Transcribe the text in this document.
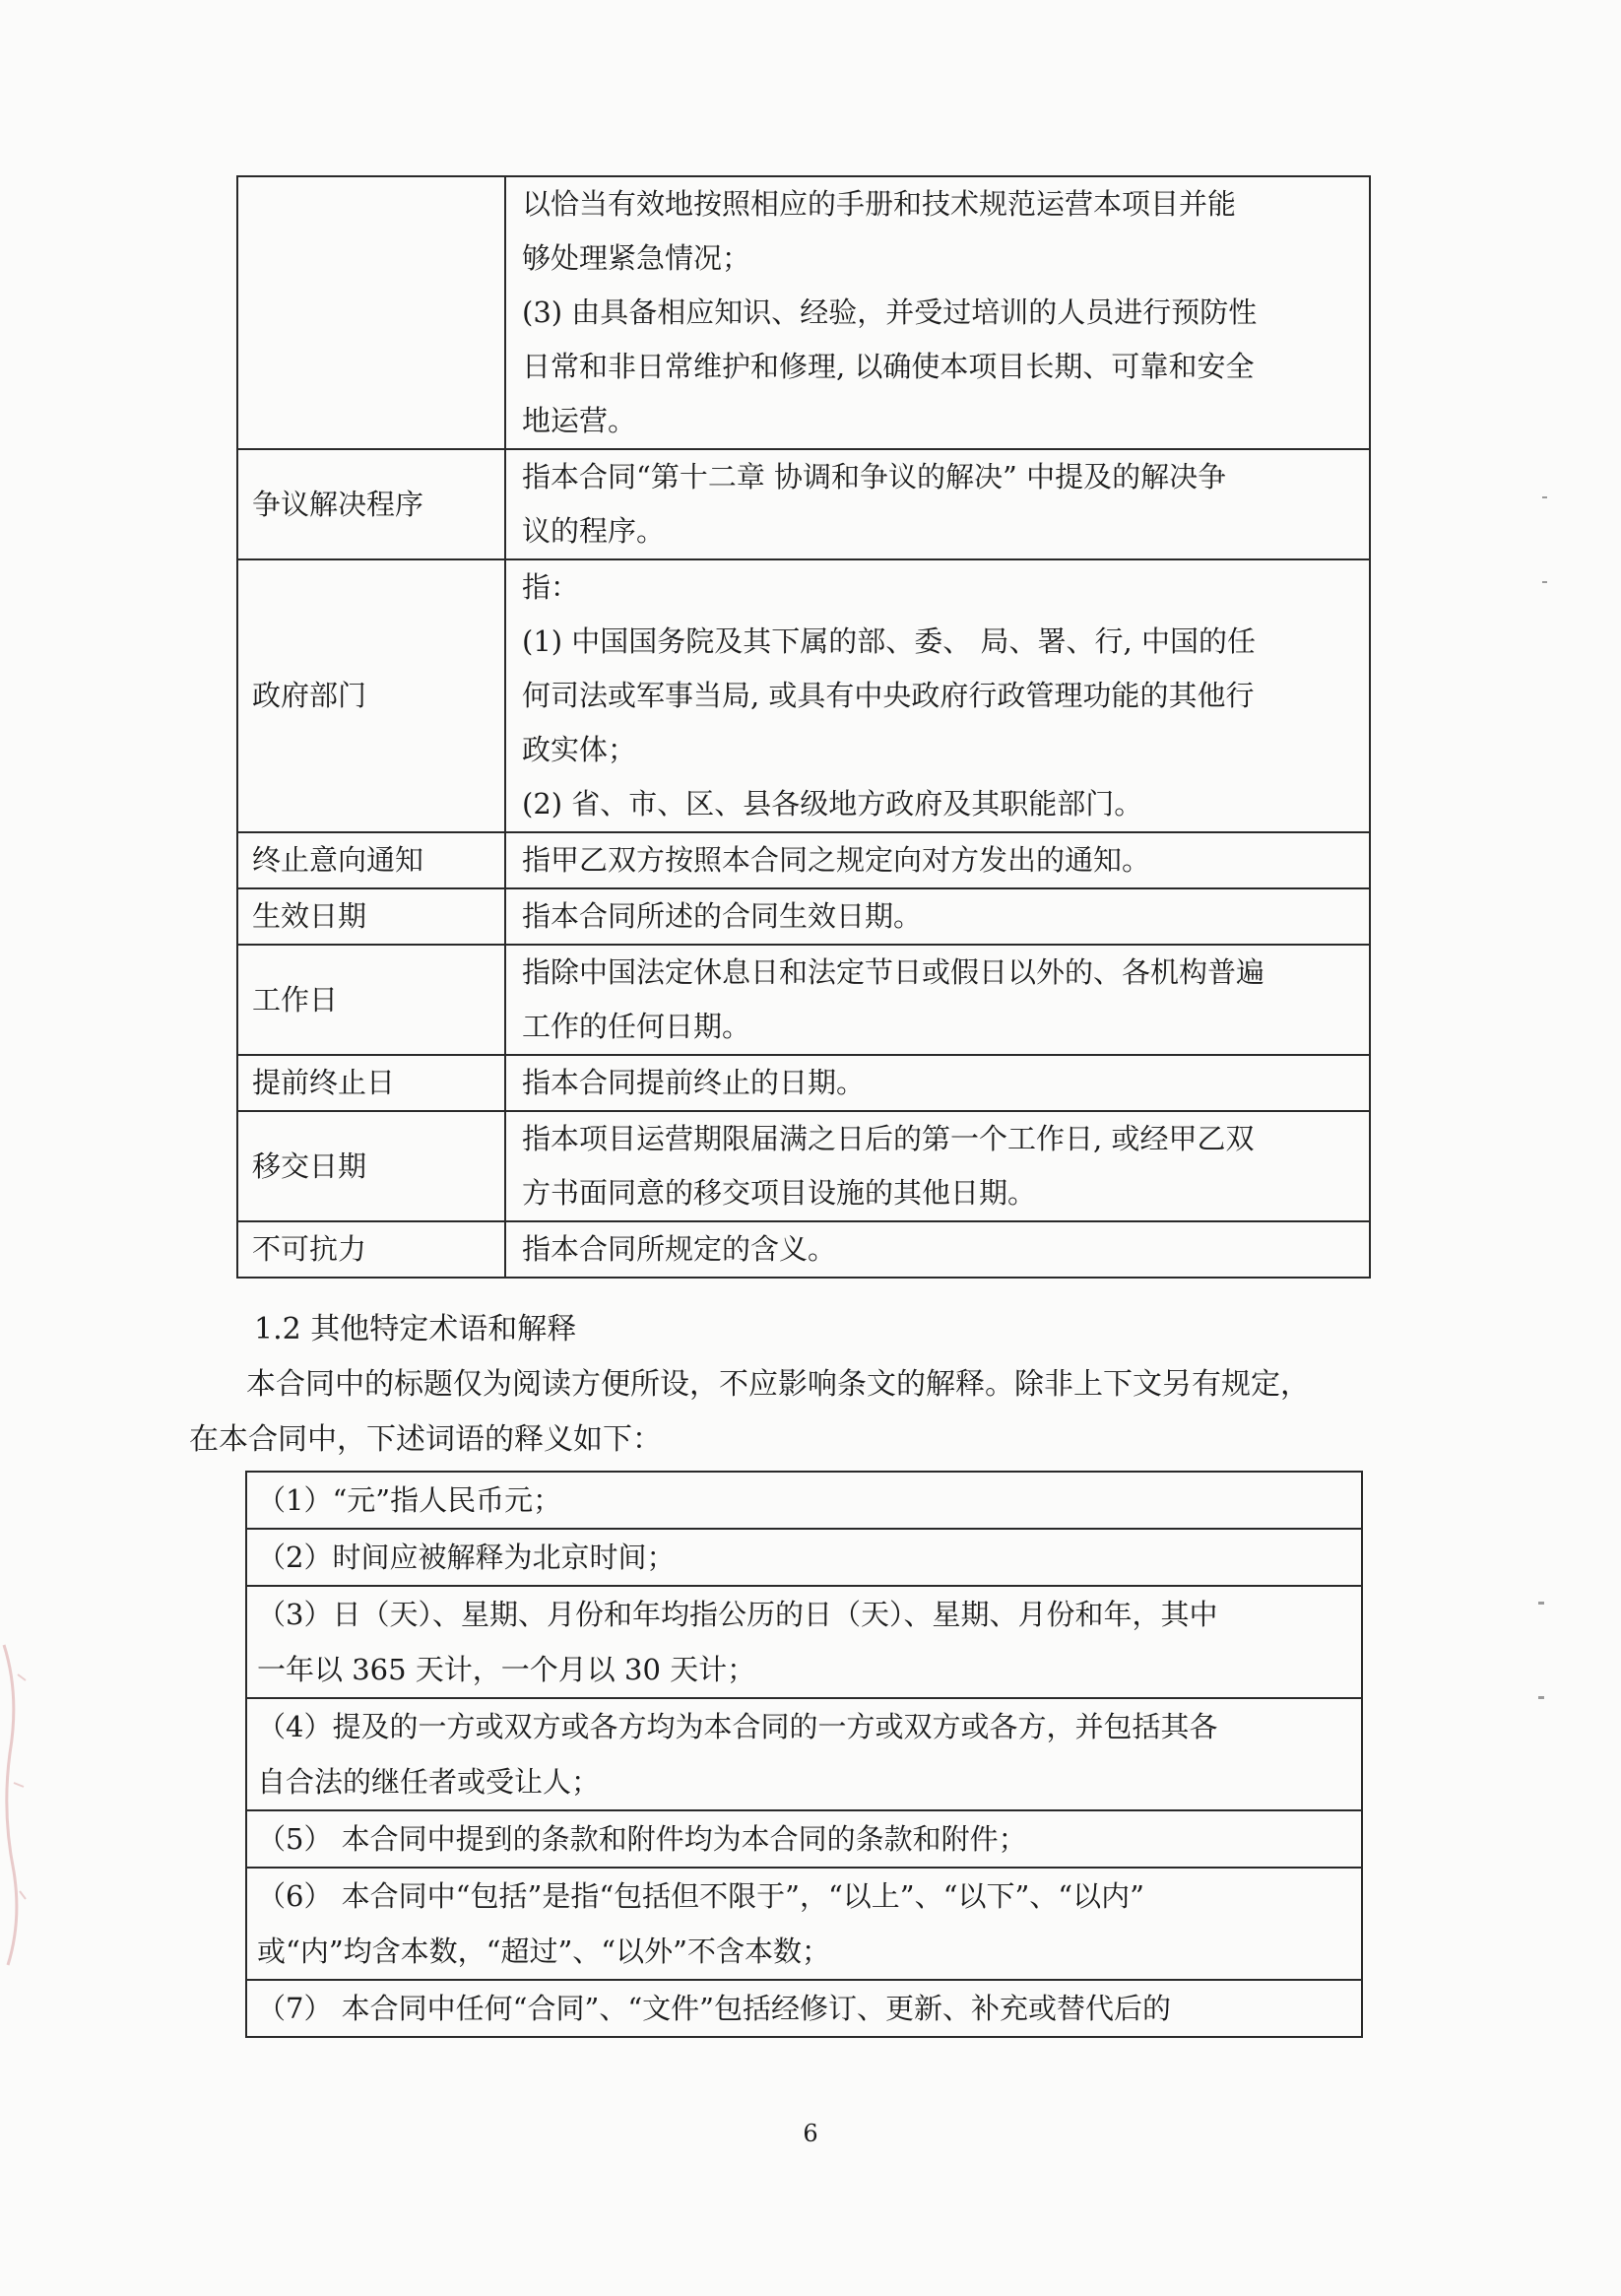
	以恰当有效地按照相应的手册和技术规范运营本项目并能
够处理紧急情况；
(3) 由具备相应知识、经验，并受过培训的人员进行预防性
日常和非日常维护和修理, 以确使本项目长期、可靠和安全
地运营。

争议解决程序	指本合同“第十二章 协调和争议的解决” 中提及的解决争
议的程序。

政府部门	指：
(1) 中国国务院及其下属的部、委、 局、署、行, 中国的任
何司法或军事当局, 或具有中央政府行政管理功能的其他行
政实体；
(2) 省、市、区、县各级地方政府及其职能部门。

终止意向通知	指甲乙双方按照本合同之规定向对方发出的通知。

生效日期	指本合同所述的合同生效日期。

工作日	指除中国法定休息日和法定节日或假日以外的、各机构普遍
工作的任何日期。

提前终止日	指本合同提前终止的日期。

移交日期	指本项目运营期限届满之日后的第一个工作日, 或经甲乙双
方书面同意的移交项目设施的其他日期。

不可抗力	指本合同所规定的含义。
1.2 其他特定术语和解释
本合同中的标题仅为阅读方便所设，不应影响条文的解释。除非上下文另有规定，
在本合同中，下述词语的释义如下：
（1）“元”指人民币元；

（2）时间应被解释为北京时间；

（3）日（天）、星期、月份和年均指公历的日（天）、星期、月份和年，其中
一年以 365 天计，一个月以 30 天计；

（4）提及的一方或双方或各方均为本合同的一方或双方或各方，并包括其各
自合法的继任者或受让人；

（5） 本合同中提到的条款和附件均为本合同的条款和附件；

（6） 本合同中“包括”是指“包括但不限于”，“以上”、“以下”、“以内”
或“内”均含本数，“超过”、“以外”不含本数；

（7） 本合同中任何“合同”、“文件”包括经修订、更新、补充或替代后的
6
